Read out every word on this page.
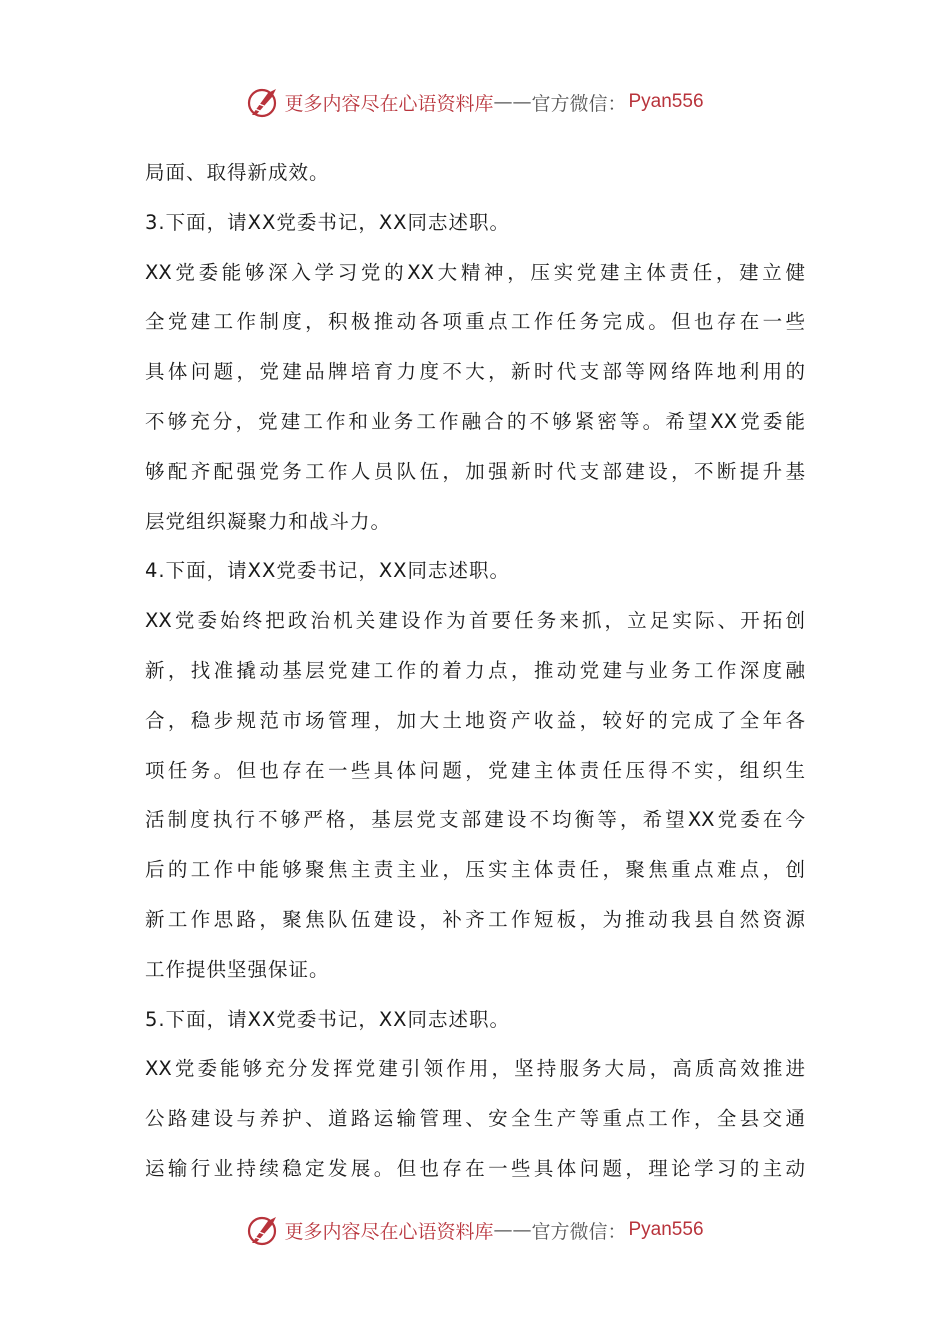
更多内容尽在心语资料库 —— 官方微信： Pyan556
局面、取得新成效。
3.下面，请XX党委书记，XX同志述职。
XX党委能够深入学习党的XX大精神，压实党建主体责任，建立健
全党建工作制度，积极推动各项重点工作任务完成。但也存在一些
具体问题，党建品牌培育力度不大，新时代支部等网络阵地利用的
不够充分，党建工作和业务工作融合的不够紧密等。希望XX党委能
够配齐配强党务工作人员队伍，加强新时代支部建设，不断提升基
层党组织凝聚力和战斗力。
4.下面，请XX党委书记，XX同志述职。
XX党委始终把政治机关建设作为首要任务来抓，立足实际、开拓创
新，找准撬动基层党建工作的着力点，推动党建与业务工作深度融
合，稳步规范市场管理，加大土地资产收益，较好的完成了全年各
项任务。但也存在一些具体问题，党建主体责任压得不实，组织生
活制度执行不够严格，基层党支部建设不均衡等，希望XX党委在今
后的工作中能够聚焦主责主业，压实主体责任，聚焦重点难点，创
新工作思路，聚焦队伍建设，补齐工作短板，为推动我县自然资源
工作提供坚强保证。
5.下面，请XX党委书记，XX同志述职。
XX党委能够充分发挥党建引领作用，坚持服务大局，高质高效推进
公路建设与养护、道路运输管理、安全生产等重点工作，全县交通
运输行业持续稳定发展。但也存在一些具体问题，理论学习的主动
更多内容尽在心语资料库 —— 官方微信： Pyan556
